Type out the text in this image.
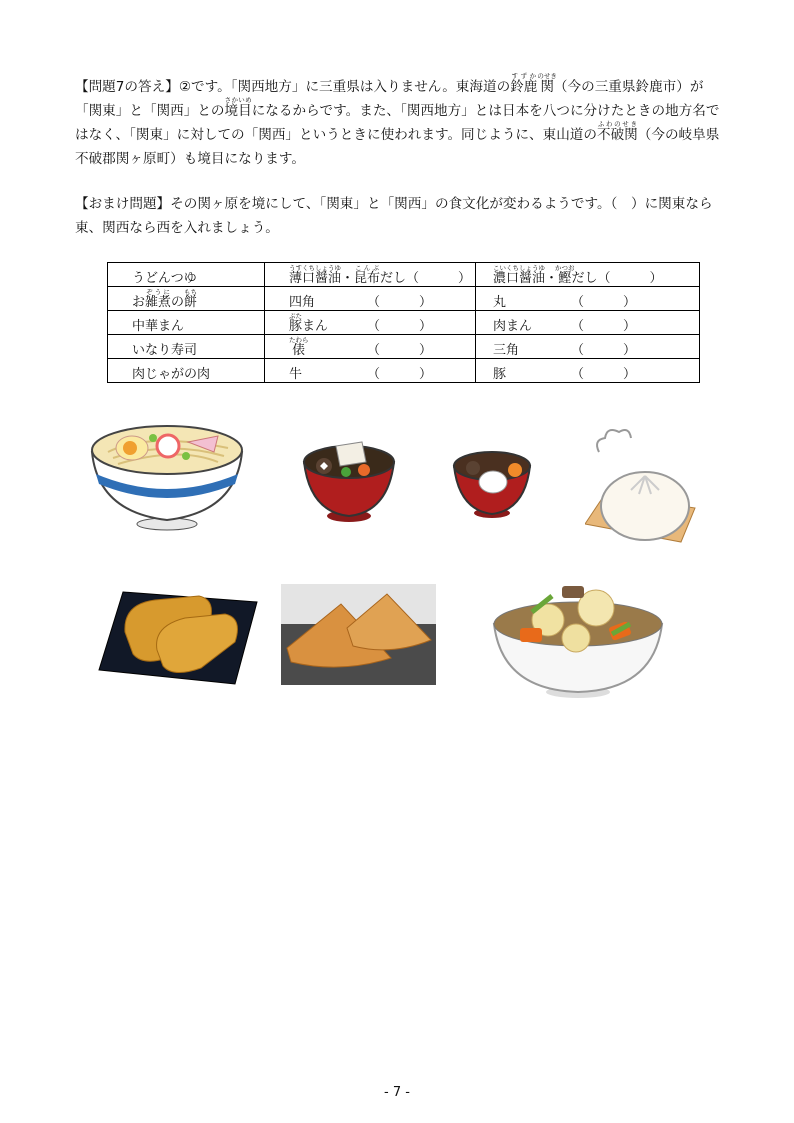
【問題7の答え】②です。「関西地方」に三重県は入りません。東海道の鈴鹿すずか関のせき（今の三重県鈴鹿市）が「関東」と「関西」との境目さかいめになるからです。また、「関西地方」とは日本を八つに分けたときの地方名ではなく、「関東」に対しての「関西」というときに使われます。同じように、東山道の不破関ふわのせき（今の岐阜県不破郡関ヶ原町）も境目になります。
【おまけ問題】その関ヶ原を境にして、「関東」と「関西」の食文化が変わるようです。（　）に関東なら東、関西なら西を入れましょう。
うどんつゆ	薄口醤油うすくちしょうゆ・昆布こんぶだし（　　　）	濃口醤油こいくちしょうゆ・鰹かつおだし（　　　）
お雑煮ぞうにの餅もち	四角 （　　　）	丸 （　　　）
中華まん	豚ぶたまん （　　　）	肉まん （　　　）
いなり寿司	俵たわら（　　　）	三角 （　　　）
肉じゃがの肉	牛 （　　　）	豚 （　　　）
- 7 -
